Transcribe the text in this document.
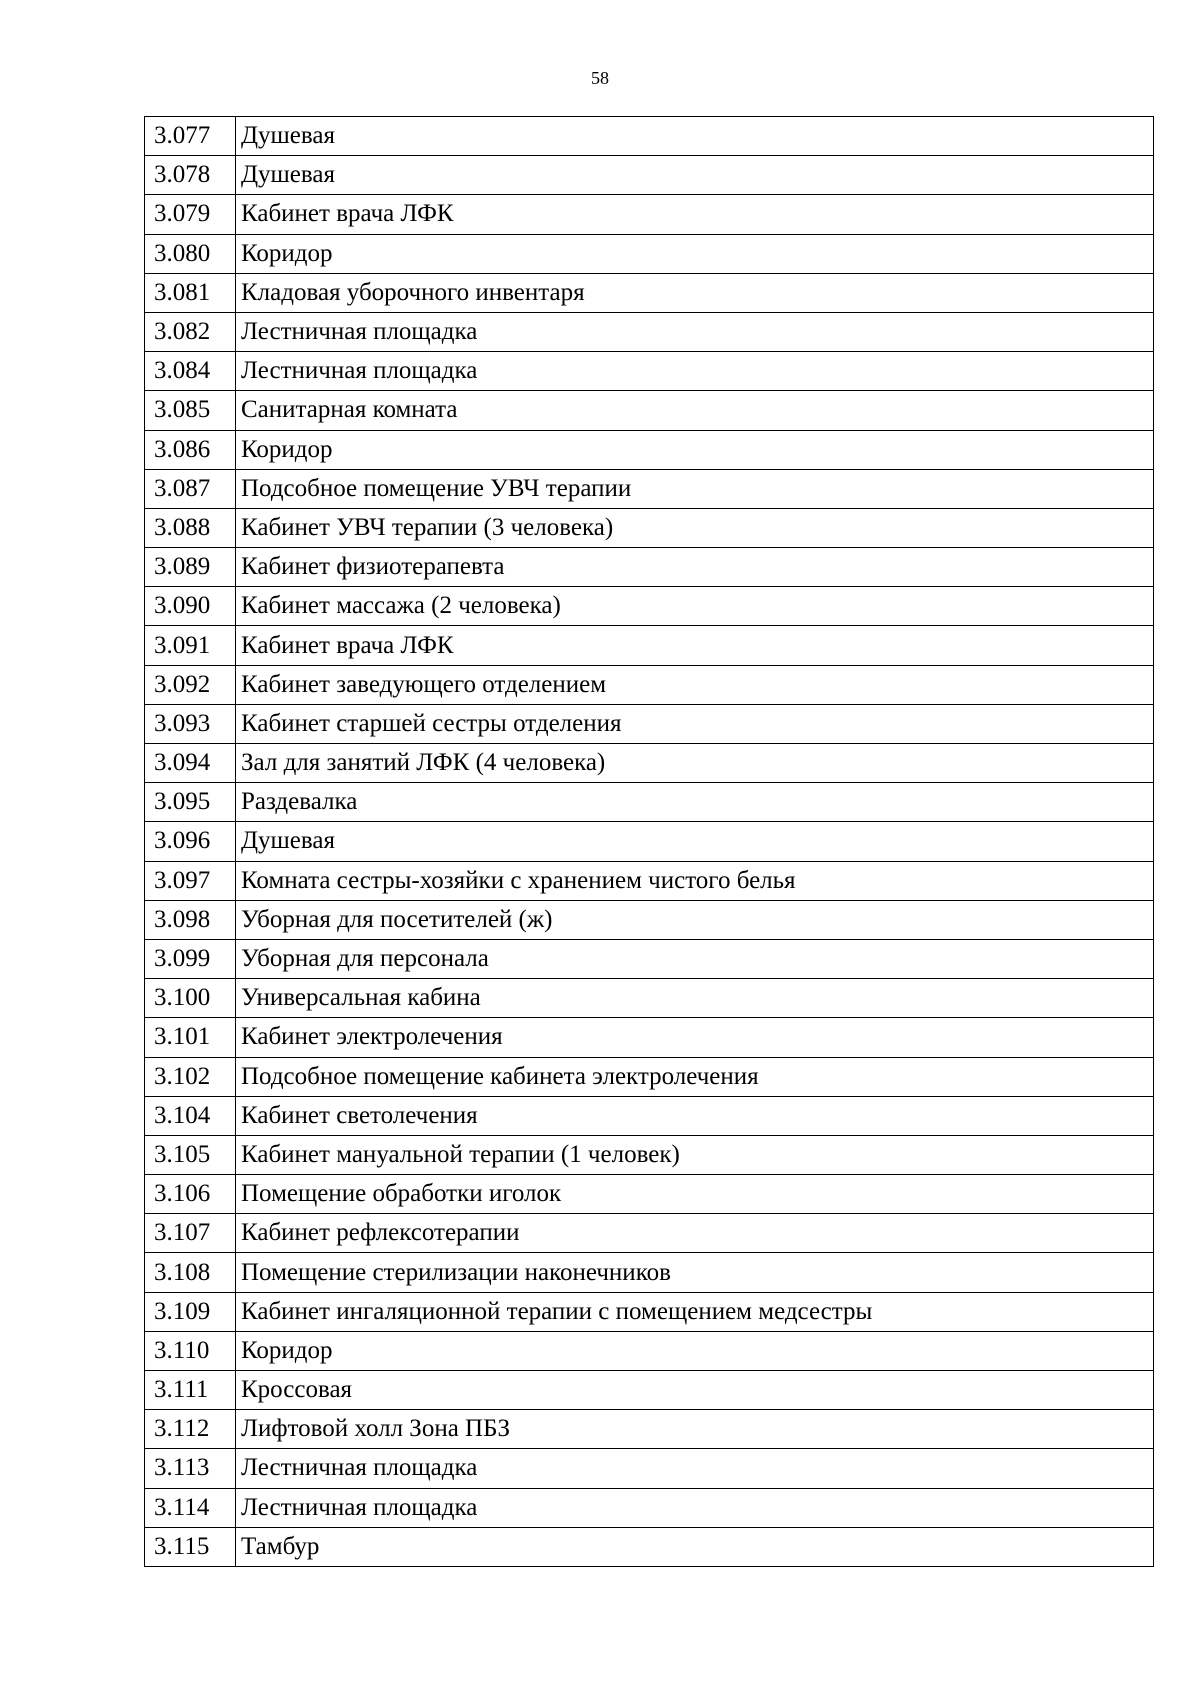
58
3.077	Душевая
3.078	Душевая
3.079	Кабинет врача ЛФК
3.080	Коридор
3.081	Кладовая уборочного инвентаря
3.082	Лестничная площадка
3.084	Лестничная площадка
3.085	Санитарная комната
3.086	Коридор
3.087	Подсобное помещение УВЧ терапии
3.088	Кабинет УВЧ терапии (3 человека)
3.089	Кабинет физиотерапевта
3.090	Кабинет массажа (2 человека)
3.091	Кабинет врача ЛФК
3.092	Кабинет заведующего отделением
3.093	Кабинет старшей сестры отделения
3.094	Зал для занятий ЛФК (4 человека)
3.095	Раздевалка
3.096	Душевая
3.097	Комната сестры-хозяйки с хранением чистого белья
3.098	Уборная для посетителей (ж)
3.099	Уборная для персонала
3.100	Универсальная кабина
3.101	Кабинет электролечения
3.102	Подсобное помещение кабинета электролечения
3.104	Кабинет светолечения
3.105	Кабинет мануальной терапии (1 человек)
3.106	Помещение обработки иголок
3.107	Кабинет рефлексотерапии
3.108	Помещение стерилизации наконечников
3.109	Кабинет ингаляционной терапии с помещением медсестры
3.110	Коридор
3.111	Кроссовая
3.112	Лифтовой холл Зона ПБЗ
3.113	Лестничная площадка
3.114	Лестничная площадка
3.115	Тамбур
